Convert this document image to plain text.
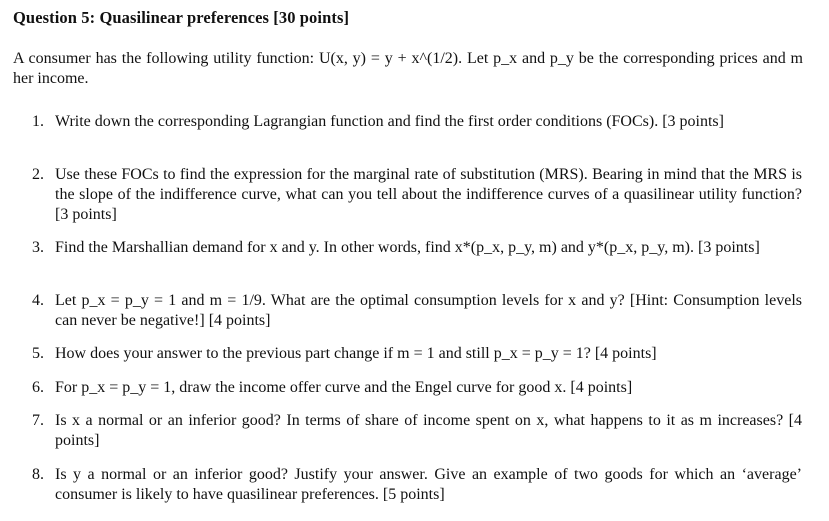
Question 5: Quasilinear preferences [30 points]
A consumer has the following utility function: U(x, y) = y + x^(1/2). Let p_x and p_y be the corresponding prices and m her income.
1. Write down the corresponding Lagrangian function and find the first order conditions (FOCs). [3 points]
2. Use these FOCs to find the expression for the marginal rate of substitution (MRS). Bearing in mind that the MRS is the slope of the indifference curve, what can you tell about the indifference curves of a quasilinear utility function? [3 points]
3. Find the Marshallian demand for x and y. In other words, find x*(p_x, p_y, m) and y*(p_x, p_y, m). [3 points]
4. Let p_x = p_y = 1 and m = 1/9. What are the optimal consumption levels for x and y? [Hint: Consumption levels can never be negative!] [4 points]
5. How does your answer to the previous part change if m = 1 and still p_x = p_y = 1? [4 points]
6. For p_x = p_y = 1, draw the income offer curve and the Engel curve for good x. [4 points]
7. Is x a normal or an inferior good? In terms of share of income spent on x, what happens to it as m increases? [4 points]
8. Is y a normal or an inferior good? Justify your answer. Give an example of two goods for which an ‘average’ consumer is likely to have quasilinear preferences. [5 points]
